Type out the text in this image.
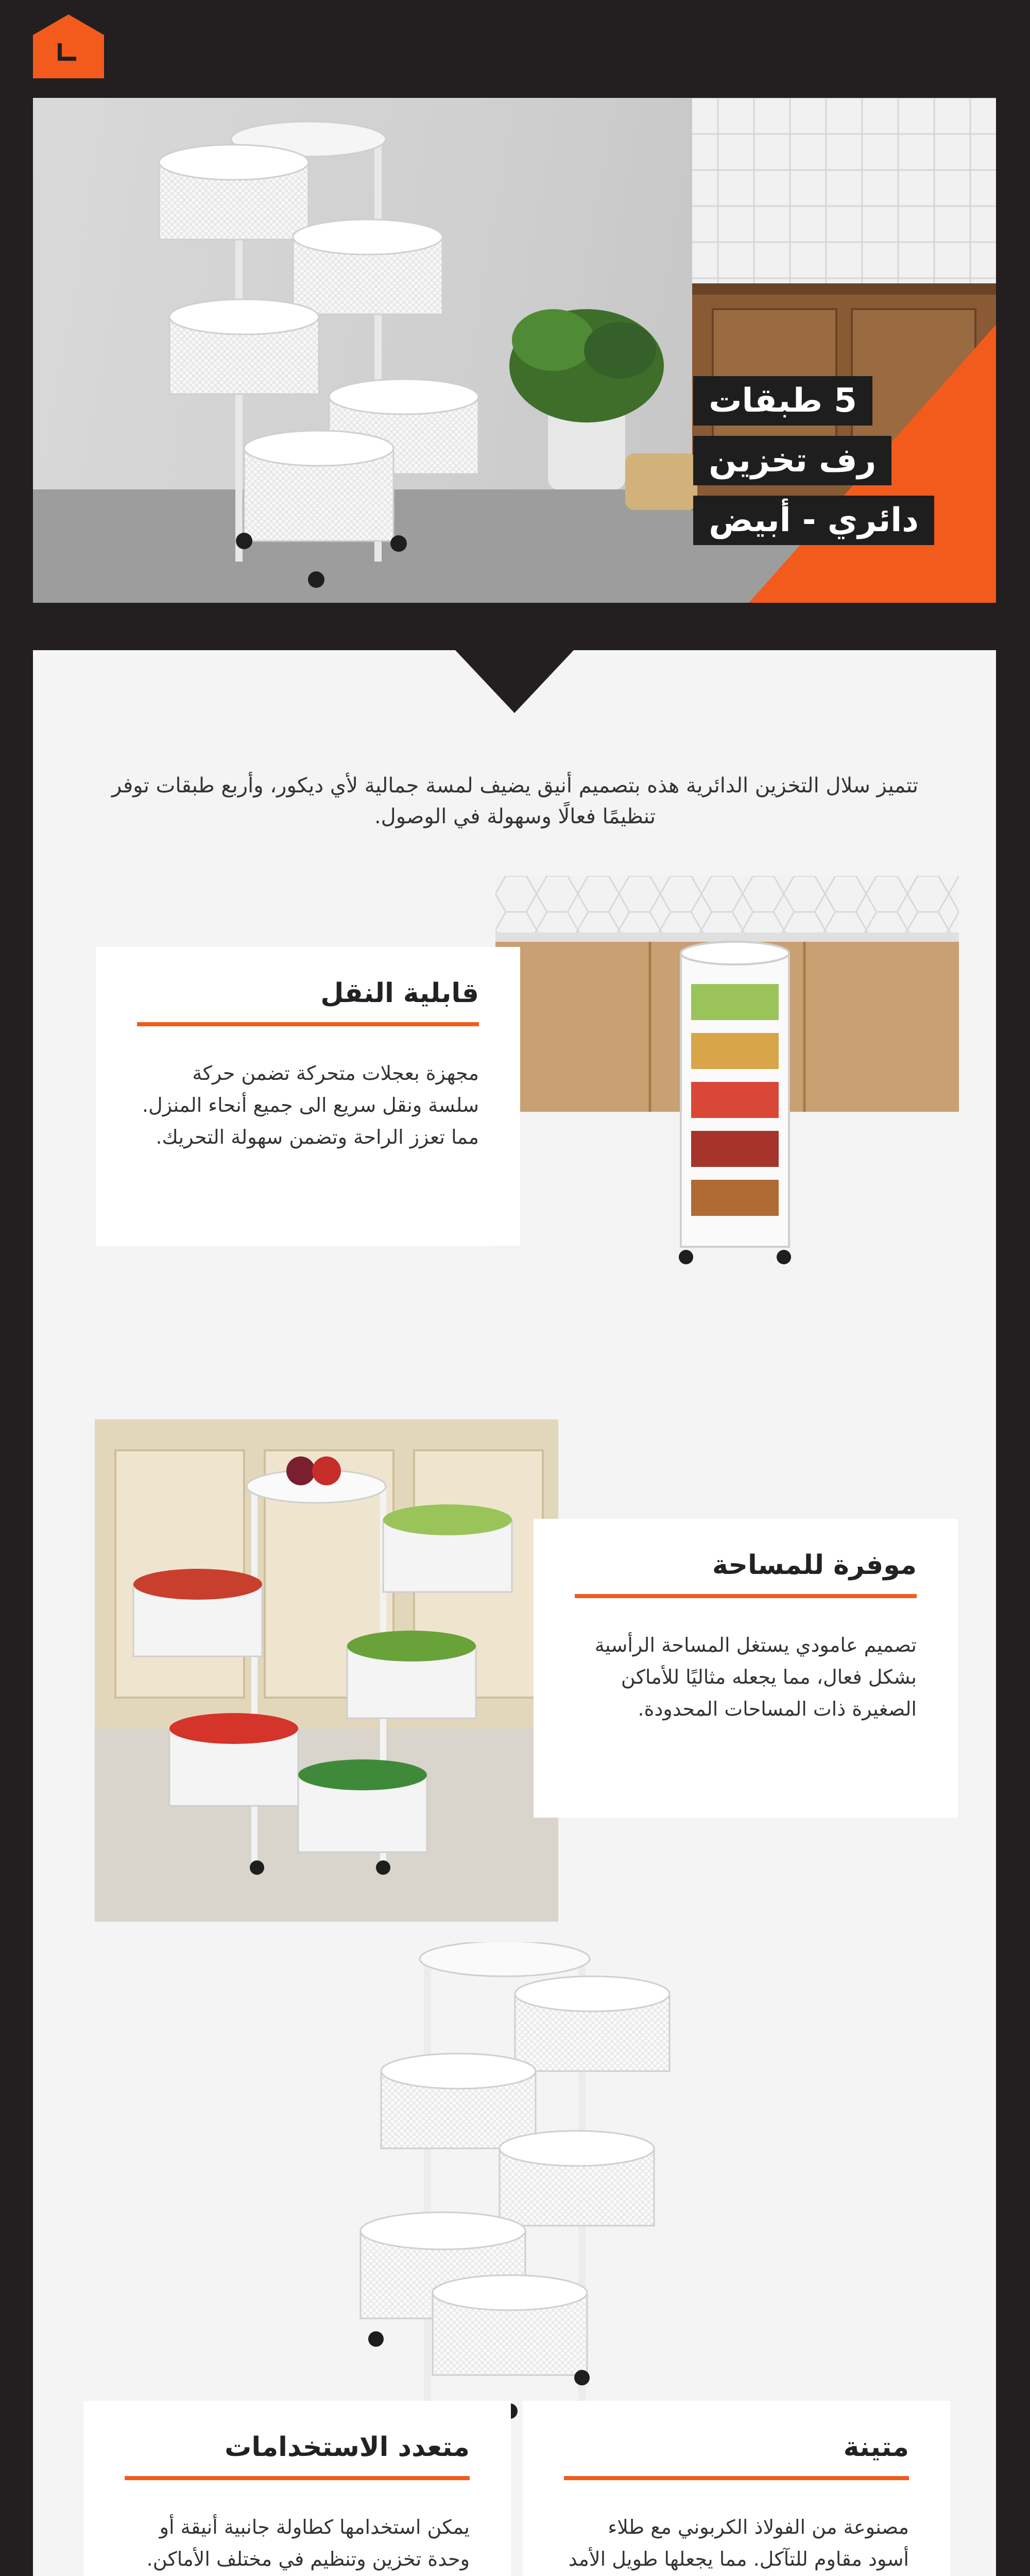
5 طبقات
رف تخزين
دائري - أبيض

تتميز سلال التخزين الدائرية هذه بتصميم أنيق يضيف لمسة جمالية لأي ديكور، وأربع طبقات توفر تنظيمًا فعالًا وسهولة في الوصول.

قابلية النقل

مجهزة بعجلات متحركة تضمن حركة سلسة ونقل سريع الى جميع أنحاء المنزل. مما تعزز الراحة وتضمن سهولة التحريك.

موفرة للمساحة

تصميم عامودي يستغل المساحة الرأسية بشكل فعال، مما يجعله مثاليًا للأماكن الصغيرة ذات المساحات المحدودة.

متينة

مصنوعة من الفولاذ الكربوني مع طلاء أسود مقاوم للتآكل. مما يجعلها طويل الأمد

متعدد الاستخدامات

يمكن استخدامها كطاولة جانبية أنيقة أو وحدة تخزين وتنظيم في مختلف الأماكن.
